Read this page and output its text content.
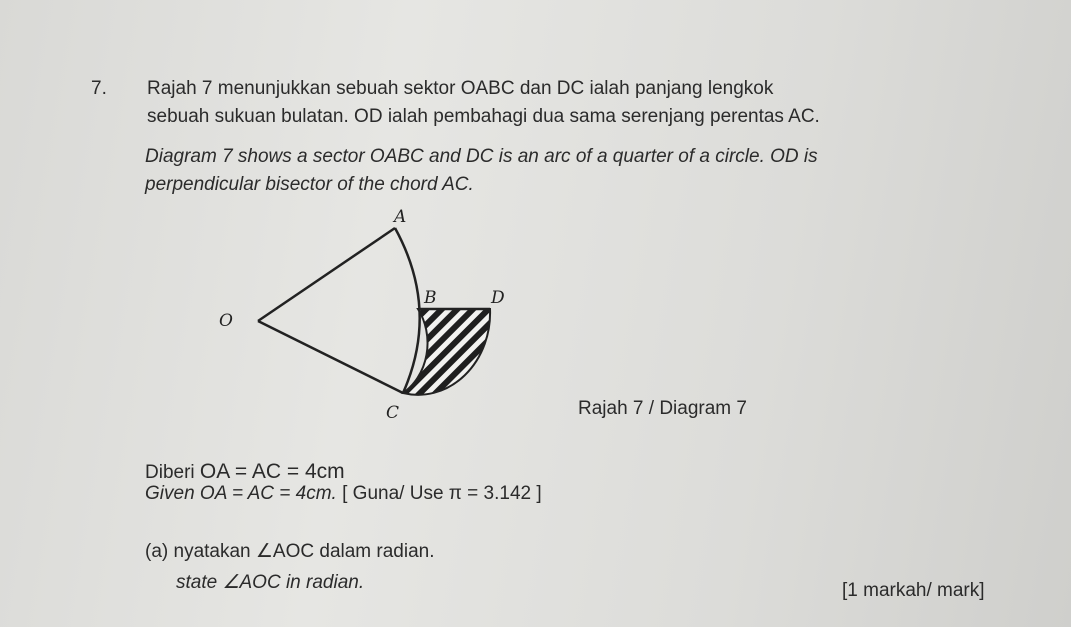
7. Rajah 7 menunjukkan sebuah sektor OABC dan DC ialah panjang lengkok
sebuah sukuan bulatan. OD ialah pembahagi dua sama serenjang perentas AC.
Diagram 7 shows a sector OABC and DC is an arc of a quarter of a circle. OD is
perpendicular bisector of the chord AC.
A
B	D
O
C	Rajah 7 / Diagram 7
Diberi OA = AC = 4cm
Given OA = AC = 4cm. [ Guna/ Use π = 3.142 ]
(a) nyatakan ∠AOC dalam radian.
state ∠AOC in radian.	[1 markah/ mark]
